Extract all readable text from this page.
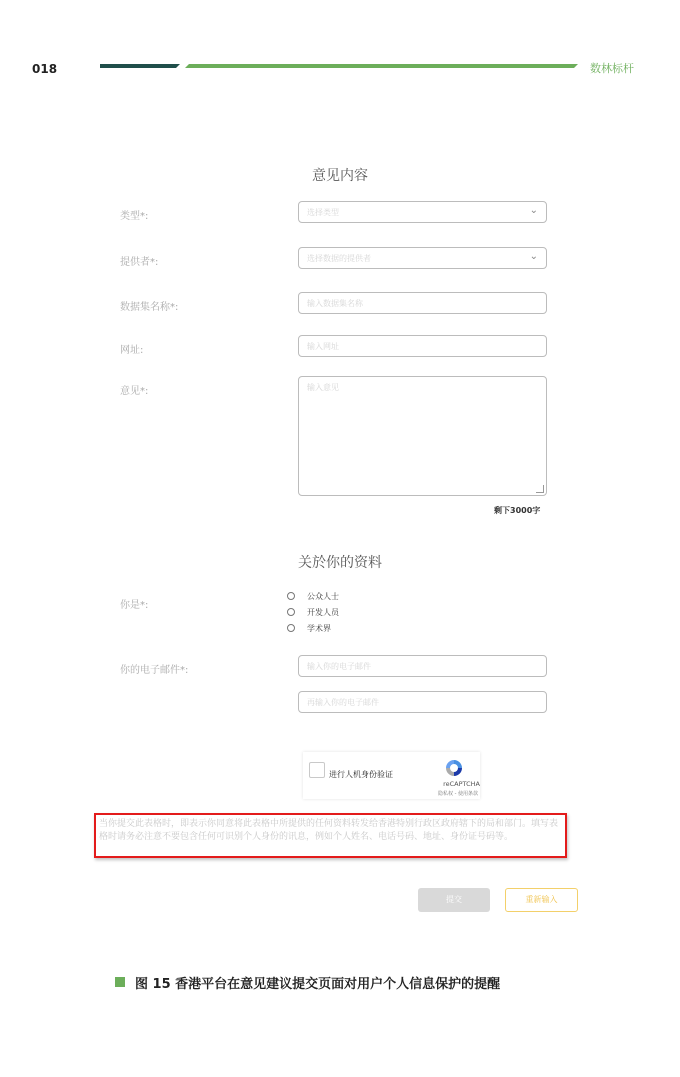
018	数林标杆
意见内容
类型*:	选择类型	⌄
提供者*:	选择数据的提供者	⌄
数据集名称*:	输入数据集名称
网址:	输入网址
意见*:	输入意见
剩下3000字
关於你的资料
你是*:
公众人士
开发人员
学术界
你的电子邮件*:	输入你的电子邮件
再输入你的电子邮件
进行人机身份验证
reCAPTCHA
隐私权 - 使用条款
当你提交此表格时，即表示你同意将此表格中所提供的任何资料转发给香港特别行政区政府辖下的局和部门。填写表格时请务必注意不要包含任何可识别个人身份的讯息，例如个人姓名、电话号码、地址、身份证号码等。
提交	重新输入
图 15 香港平台在意见建议提交页面对用户个人信息保护的提醒
